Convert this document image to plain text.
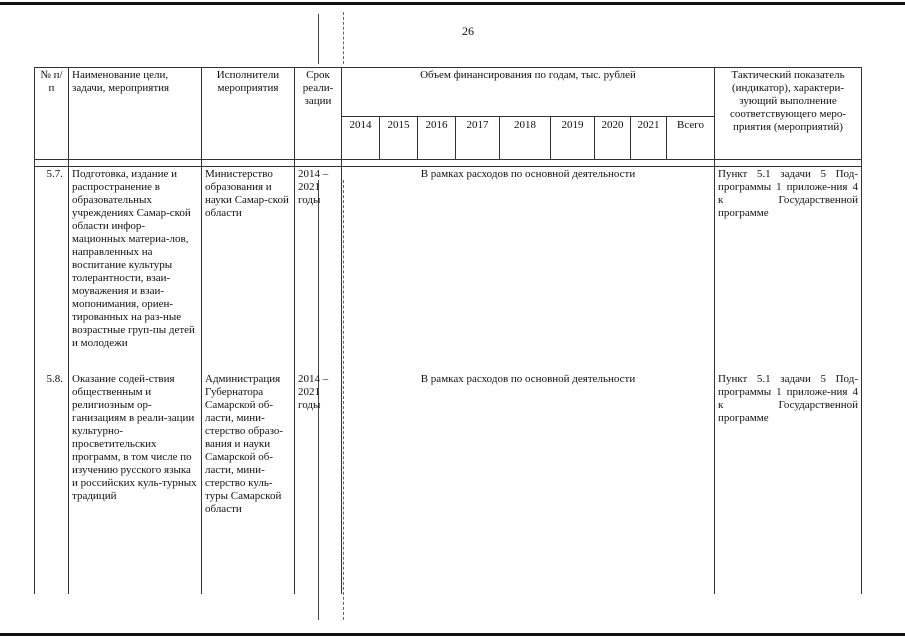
26
№ п/п	Наименование цели, задачи, мероприятия	Исполнители мероприятия	Срок реали-зации	Объем финансирования по годам, тыс. рублей									Тактический показатель (индикатор), характери-зующий выполнение соответствующего меро-приятия (мероприятий)
				2014	2015	2016	2017	2018	2019	2020	2021	Всего	

5.7.	Подготовка, издание и распространение в образовательных учреждениях Самар-ской области инфор-мационных материа-лов, направленных на воспитание культуры толерантности, взаи-моуважения и взаи-мопонимания, ориен-тированных на раз-ные возрастные груп-пы детей и молодежи	Министерство образования и науки Самар-ской области	2014 – 2021 годы	В рамках расходов по основной деятельности									Пункт 5.1 задачи 5 Под-программы 1 приложе-ния 4 к Государственной программе
5.8.	Оказание содей-ствия общественным и религиозным ор-ганизациям в реали-зации культурно-просветительских программ, в том числе по изучению русского языка и российских куль-турных традиций	Администрация Губернатора Самарской об-ласти, мини-стерство образо-вания и науки Самарской об-ласти, мини-стерство куль-туры Самарской области	2014 – 2021 годы	В рамках расходов по основной деятельности									Пункт 5.1 задачи 5 Под-программы 1 приложе-ния 4 к Государственной программе
